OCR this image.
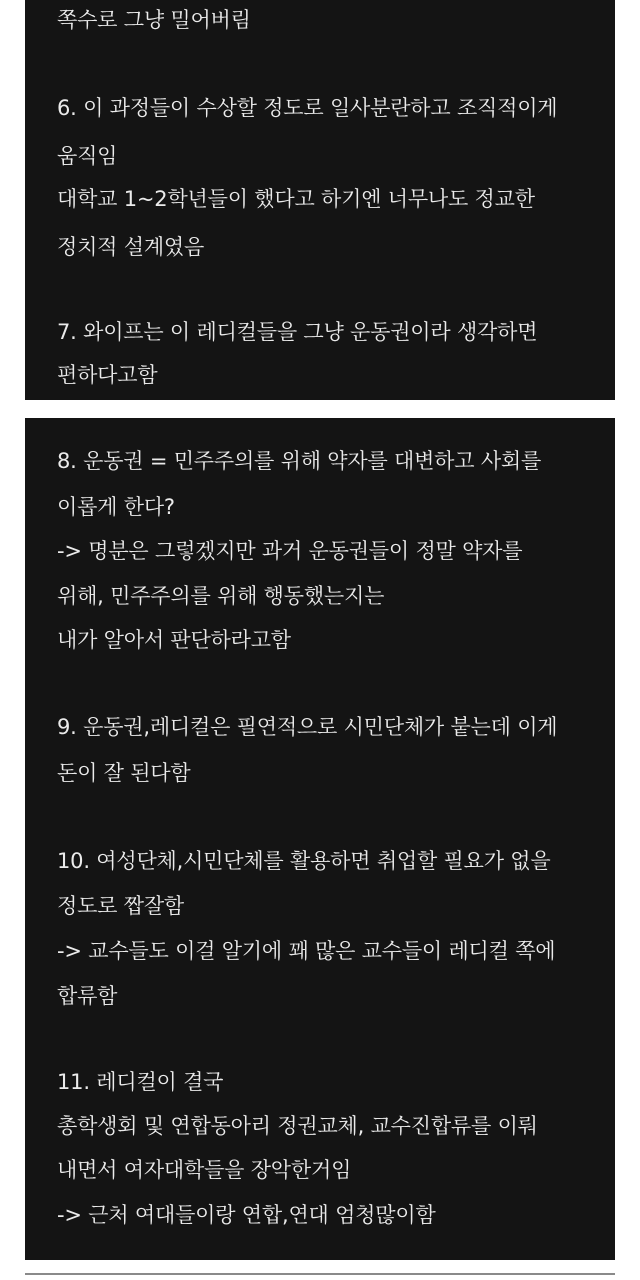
쪽수로 그냥 밀어버림
6. 이 과정들이 수상할 정도로 일사분란하고 조직적이게
움직임
대학교 1~2학년들이 했다고 하기엔 너무나도 정교한
정치적 설계였음
7. 와이프는 이 레디컬들을 그냥 운동권이라 생각하면
편하다고함
8. 운동권 = 민주주의를 위해 약자를 대변하고 사회를
이롭게 한다?
-> 명분은 그렇겠지만 과거 운동권들이 정말 약자를
위해, 민주주의를 위해 행동했는지는
내가 알아서 판단하라고함
9. 운동권,레디컬은 필연적으로 시민단체가 붙는데 이게
돈이 잘 된다함
10. 여성단체,시민단체를 활용하면 취업할 필요가 없을
정도로 짭잘함
-> 교수들도 이걸 알기에 꽤 많은 교수들이 레디컬 쪽에
합류함
11. 레디컬이 결국
총학생회 및 연합동아리 정권교체, 교수진합류를 이뤄
내면서 여자대학들을 장악한거임
-> 근처 여대들이랑 연합,연대 엄청많이함
